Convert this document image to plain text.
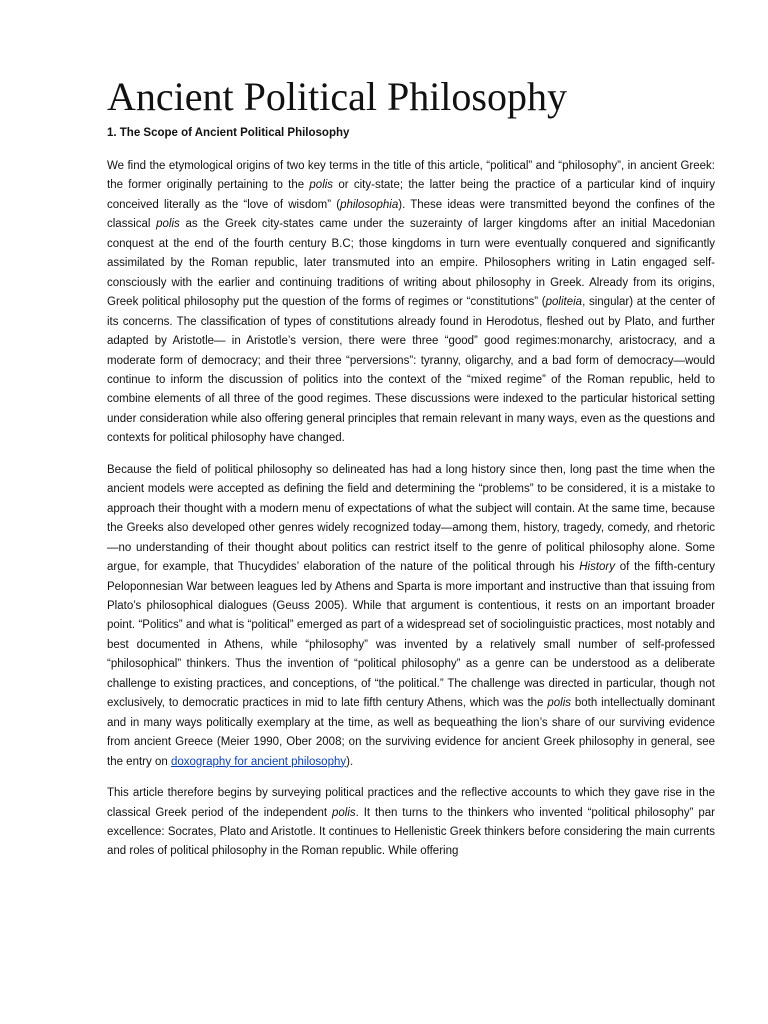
Ancient Political Philosophy
1. The Scope of Ancient Political Philosophy

We find the etymological origins of two key terms in the title of this article, “political” and “philosophy”, in ancient Greek: the former originally pertaining to the polis or city-state; the latter being the practice of a particular kind of inquiry conceived literally as the “love of wisdom” (philosophia). These ideas were transmitted beyond the confines of the classical polis as the Greek city-states came under the suzerainty of larger kingdoms after an initial Macedonian conquest at the end of the fourth century B.C; those kingdoms in turn were eventually conquered and significantly assimilated by the Roman republic, later transmuted into an empire. Philosophers writing in Latin engaged self-consciously with the earlier and continuing traditions of writing about philosophy in Greek. Already from its origins, Greek political philosophy put the question of the forms of regimes or “constitutions” (politeia, singular) at the center of its concerns. The classification of types of constitutions already found in Herodotus, fleshed out by Plato, and further adapted by Aristotle— in Aristotle’s version, there were three “good” good regimes:monarchy, aristocracy, and a moderate form of democracy; and their three “perversions”: tyranny, oligarchy, and a bad form of democracy—would continue to inform the discussion of politics into the context of the “mixed regime” of the Roman republic, held to combine elements of all three of the good regimes. These discussions were indexed to the particular historical setting under consideration while also offering general principles that remain relevant in many ways, even as the questions and contexts for political philosophy have changed.

Because the field of political philosophy so delineated has had a long history since then, long past the time when the ancient models were accepted as defining the field and determining the “problems” to be considered, it is a mistake to approach their thought with a modern menu of expectations of what the subject will contain. At the same time, because the Greeks also developed other genres widely recognized today—among them, history, tragedy, comedy, and rhetoric—no understanding of their thought about politics can restrict itself to the genre of political philosophy alone. Some argue, for example, that Thucydides’ elaboration of the nature of the political through his History of the fifth-century Peloponnesian War between leagues led by Athens and Sparta is more important and instructive than that issuing from Plato’s philosophical dialogues (Geuss 2005). While that argument is contentious, it rests on an important broader point. “Politics” and what is “political” emerged as part of a widespread set of sociolinguistic practices, most notably and best documented in Athens, while “philosophy” was invented by a relatively small number of self-professed “philosophical” thinkers. Thus the invention of “political philosophy” as a genre can be understood as a deliberate challenge to existing practices, and conceptions, of “the political.” The challenge was directed in particular, though not exclusively, to democratic practices in mid to late fifth century Athens, which was the polis both intellectually dominant and in many ways politically exemplary at the time, as well as bequeathing the lion’s share of our surviving evidence from ancient Greece (Meier 1990, Ober 2008; on the surviving evidence for ancient Greek philosophy in general, see the entry on doxography for ancient philosophy).

This article therefore begins by surveying political practices and the reflective accounts to which they gave rise in the classical Greek period of the independent polis. It then turns to the thinkers who invented “political philosophy” par excellence: Socrates, Plato and Aristotle. It continues to Hellenistic Greek thinkers before considering the main currents and roles of political philosophy in the Roman republic. While offering
